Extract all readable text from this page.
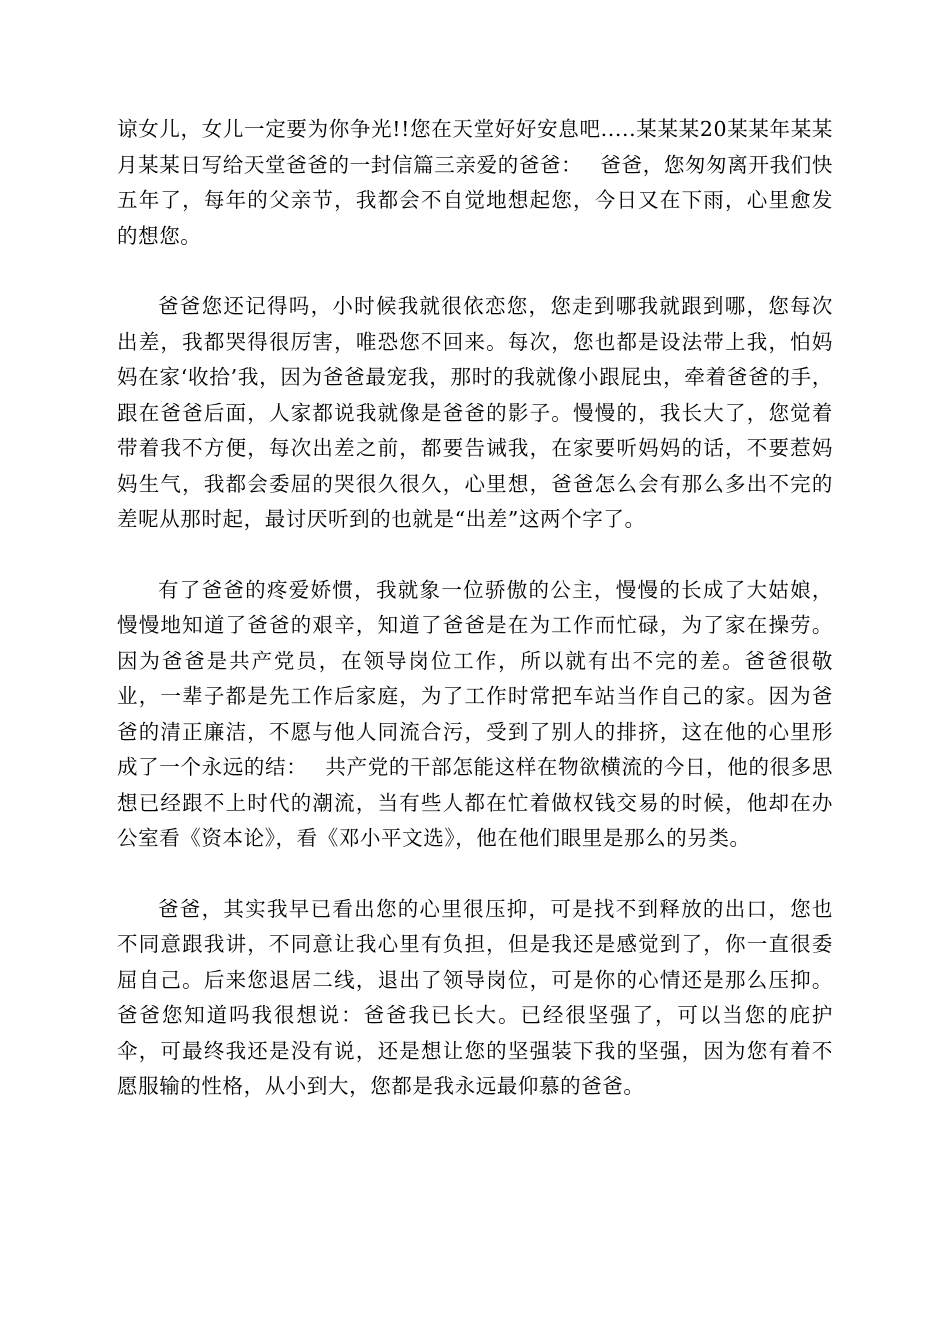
谅女儿，女儿一定要为你争光!!您在天堂好好安息吧.....某某某20某某年某某月某某日写给天堂爸爸的一封信篇三亲爱的爸爸：　 爸爸，您匆匆离开我们快五年了，每年的父亲节，我都会不自觉地想起您，今日又在下雨，心里愈发的想您。

爸爸您还记得吗，小时候我就很依恋您，您走到哪我就跟到哪，您每次出差，我都哭得很厉害，唯恐您不回来。每次，您也都是设法带上我，怕妈妈在家‘收拾’我，因为爸爸最宠我，那时的我就像小跟屁虫，牵着爸爸的手，跟在爸爸后面，人家都说我就像是爸爸的影子。慢慢的，我长大了，您觉着带着我不方便，每次出差之前，都要告诫我，在家要听妈妈的话，不要惹妈妈生气，我都会委屈的哭很久很久，心里想，爸爸怎么会有那么多出不完的差呢从那时起，最讨厌听到的也就是“出差”这两个字了。

有了爸爸的疼爱娇惯，我就象一位骄傲的公主，慢慢的长成了大姑娘，慢慢地知道了爸爸的艰辛，知道了爸爸是在为工作而忙碌，为了家在操劳。因为爸爸是共产党员，在领导岗位工作，所以就有出不完的差。爸爸很敬业，一辈子都是先工作后家庭，为了工作时常把车站当作自己的家。因为爸爸的清正廉洁，不愿与他人同流合污，受到了别人的排挤，这在他的心里形成了一个永远的结：　 共产党的干部怎能这样在物欲横流的今日，他的很多思想已经跟不上时代的潮流，当有些人都在忙着做权钱交易的时候，他却在办公室看《资本论》，看《邓小平文选》，他在他们眼里是那么的另类。

爸爸，其实我早已看出您的心里很压抑，可是找不到释放的出口，您也不同意跟我讲，不同意让我心里有负担，但是我还是感觉到了，你一直很委屈自己。后来您退居二线，退出了领导岗位，可是你的心情还是那么压抑。爸爸您知道吗我很想说：爸爸我已长大。已经很坚强了，可以当您的庇护伞，可最终我还是没有说，还是想让您的坚强装下我的坚强，因为您有着不愿服输的性格，从小到大，您都是我永远最仰慕的爸爸。
